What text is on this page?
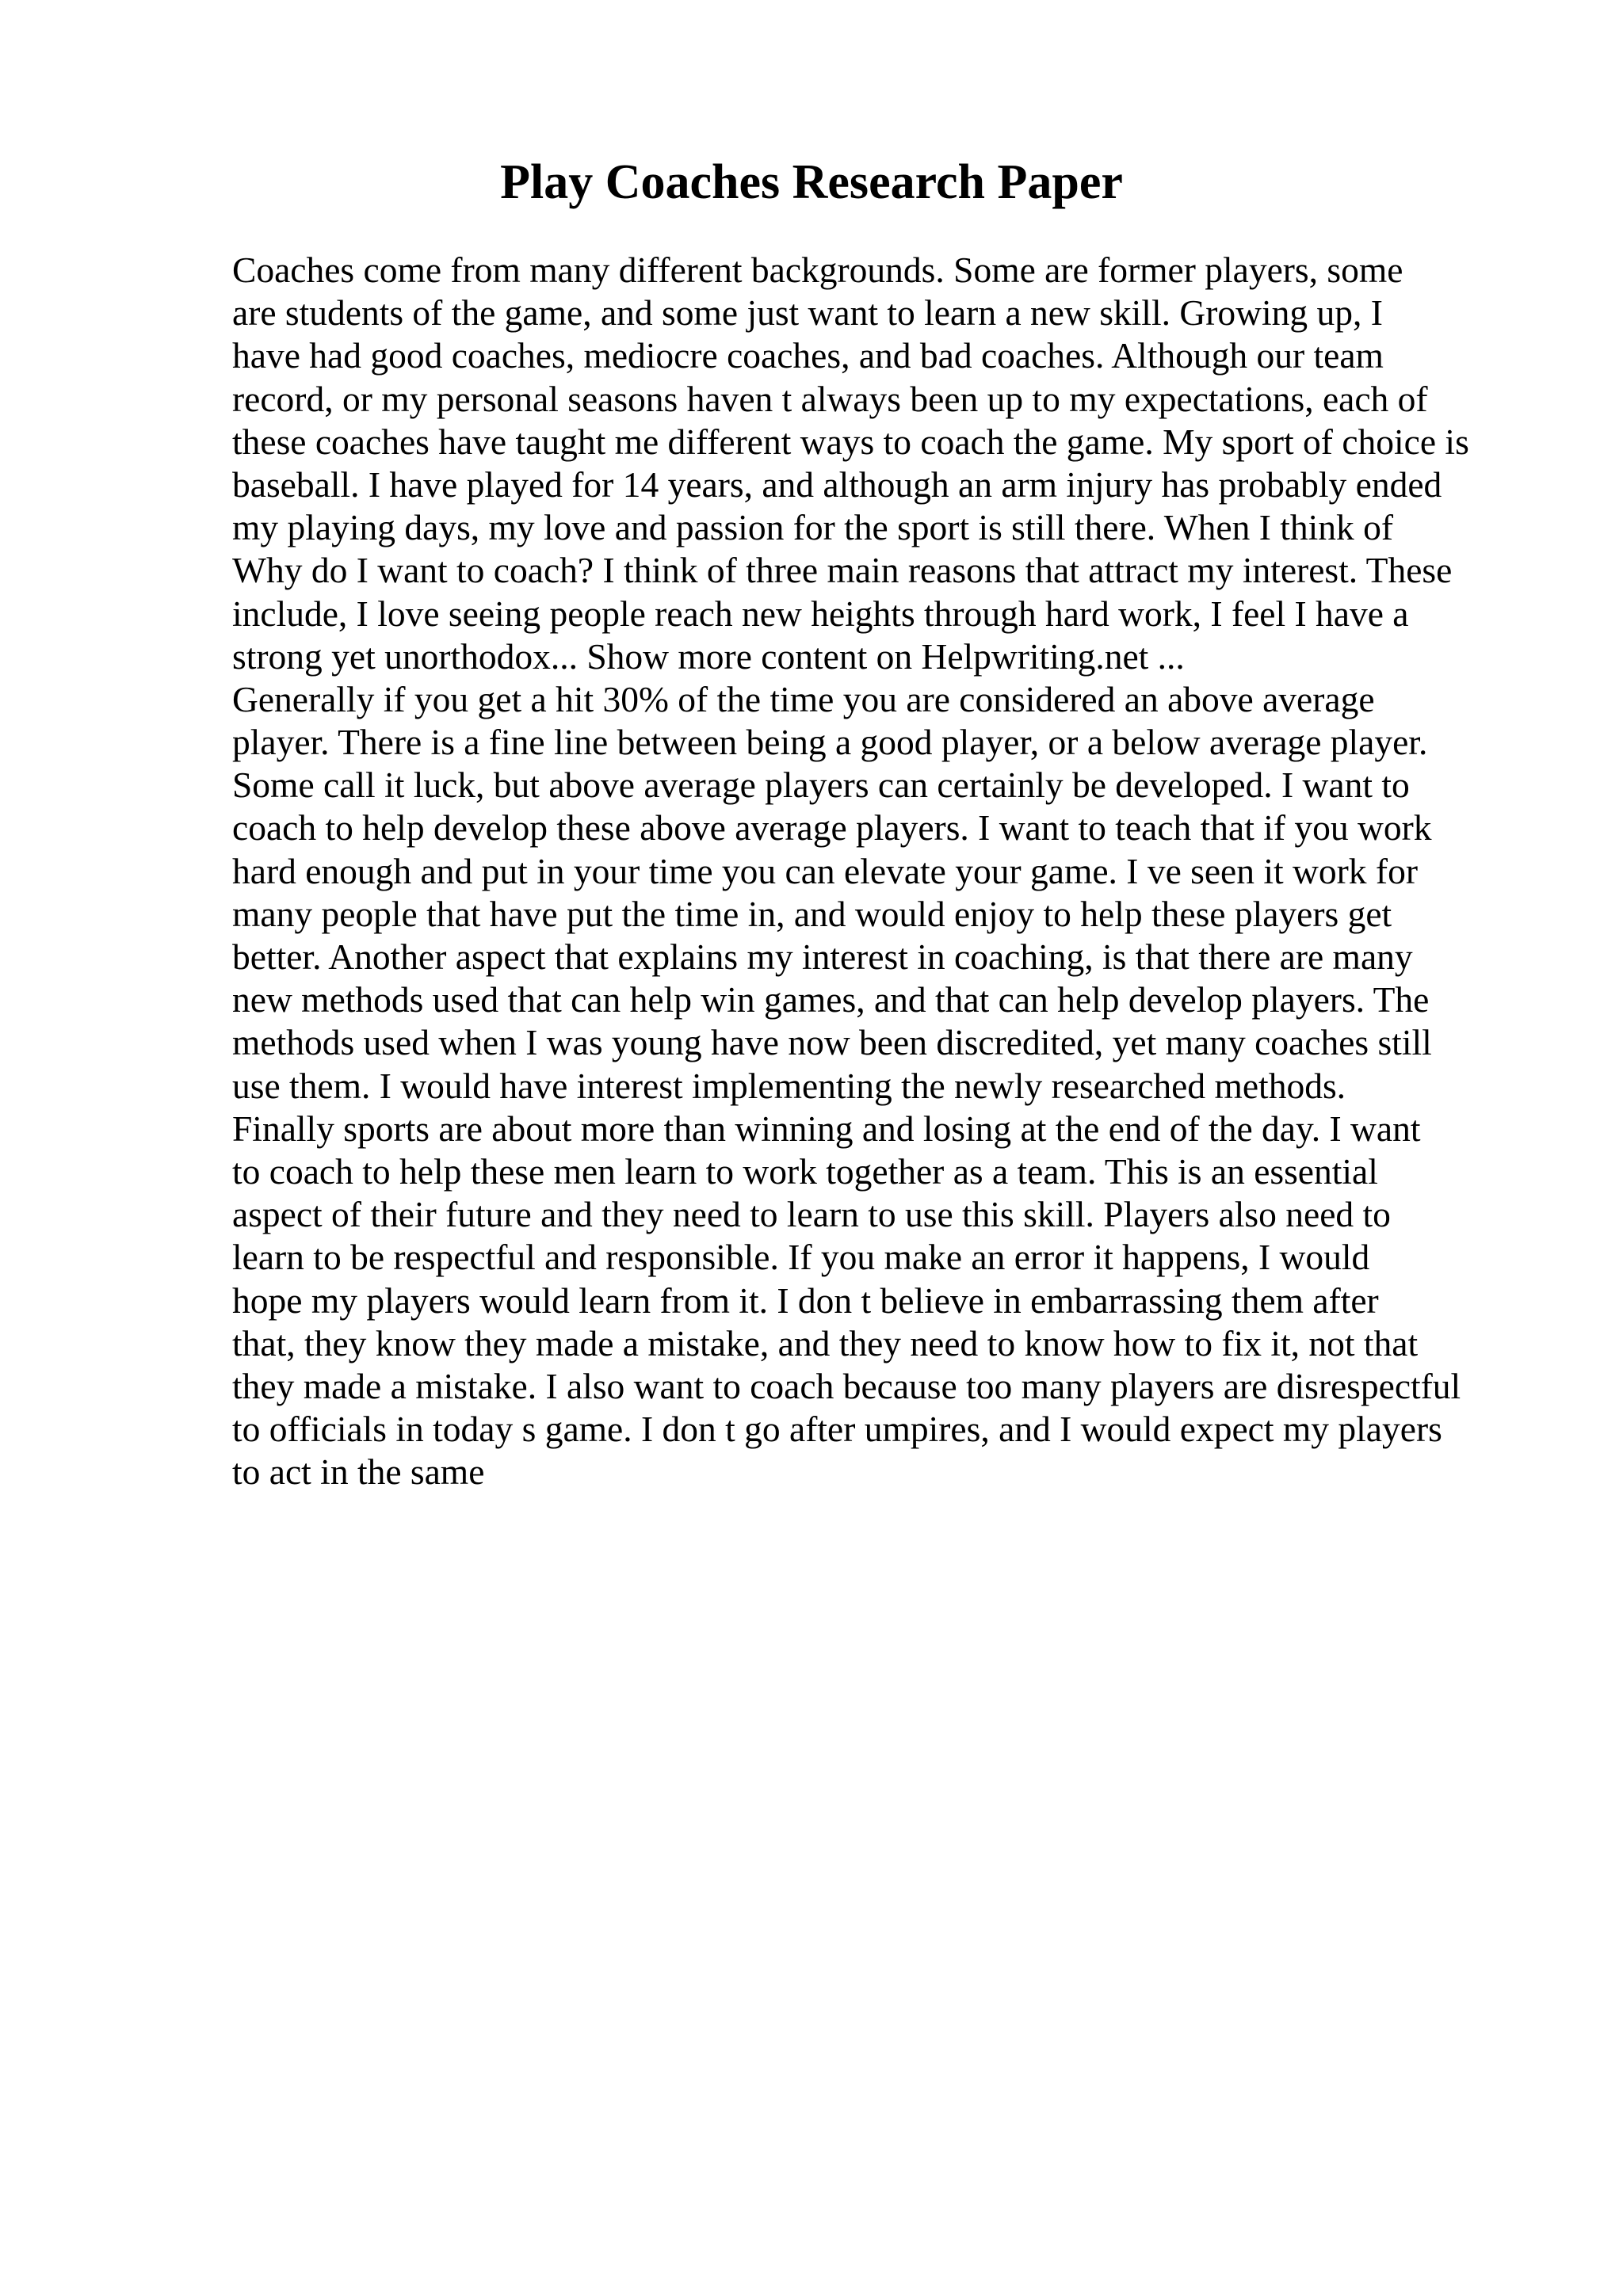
Play Coaches Research Paper
Coaches come from many different backgrounds. Some are former players, some
are students of the game, and some just want to learn a new skill. Growing up, I
have had good coaches, mediocre coaches, and bad coaches. Although our team
record, or my personal seasons haven t always been up to my expectations, each of
these coaches have taught me different ways to coach the game. My sport of choice is
baseball. I have played for 14 years, and although an arm injury has probably ended
my playing days, my love and passion for the sport is still there. When I think of
Why do I want to coach? I think of three main reasons that attract my interest. These
include, I love seeing people reach new heights through hard work, I feel I have a
strong yet unorthodox... Show more content on Helpwriting.net ...
Generally if you get a hit 30% of the time you are considered an above average
player. There is a fine line between being a good player, or a below average player.
Some call it luck, but above average players can certainly be developed. I want to
coach to help develop these above average players. I want to teach that if you work
hard enough and put in your time you can elevate your game. I ve seen it work for
many people that have put the time in, and would enjoy to help these players get
better. Another aspect that explains my interest in coaching, is that there are many
new methods used that can help win games, and that can help develop players. The
methods used when I was young have now been discredited, yet many coaches still
use them. I would have interest implementing the newly researched methods.
Finally sports are about more than winning and losing at the end of the day. I want
to coach to help these men learn to work together as a team. This is an essential
aspect of their future and they need to learn to use this skill. Players also need to
learn to be respectful and responsible. If you make an error it happens, I would
hope my players would learn from it. I don t believe in embarrassing them after
that, they know they made a mistake, and they need to know how to fix it, not that
they made a mistake. I also want to coach because too many players are disrespectful
to officials in today s game. I don t go after umpires, and I would expect my players
to act in the same
